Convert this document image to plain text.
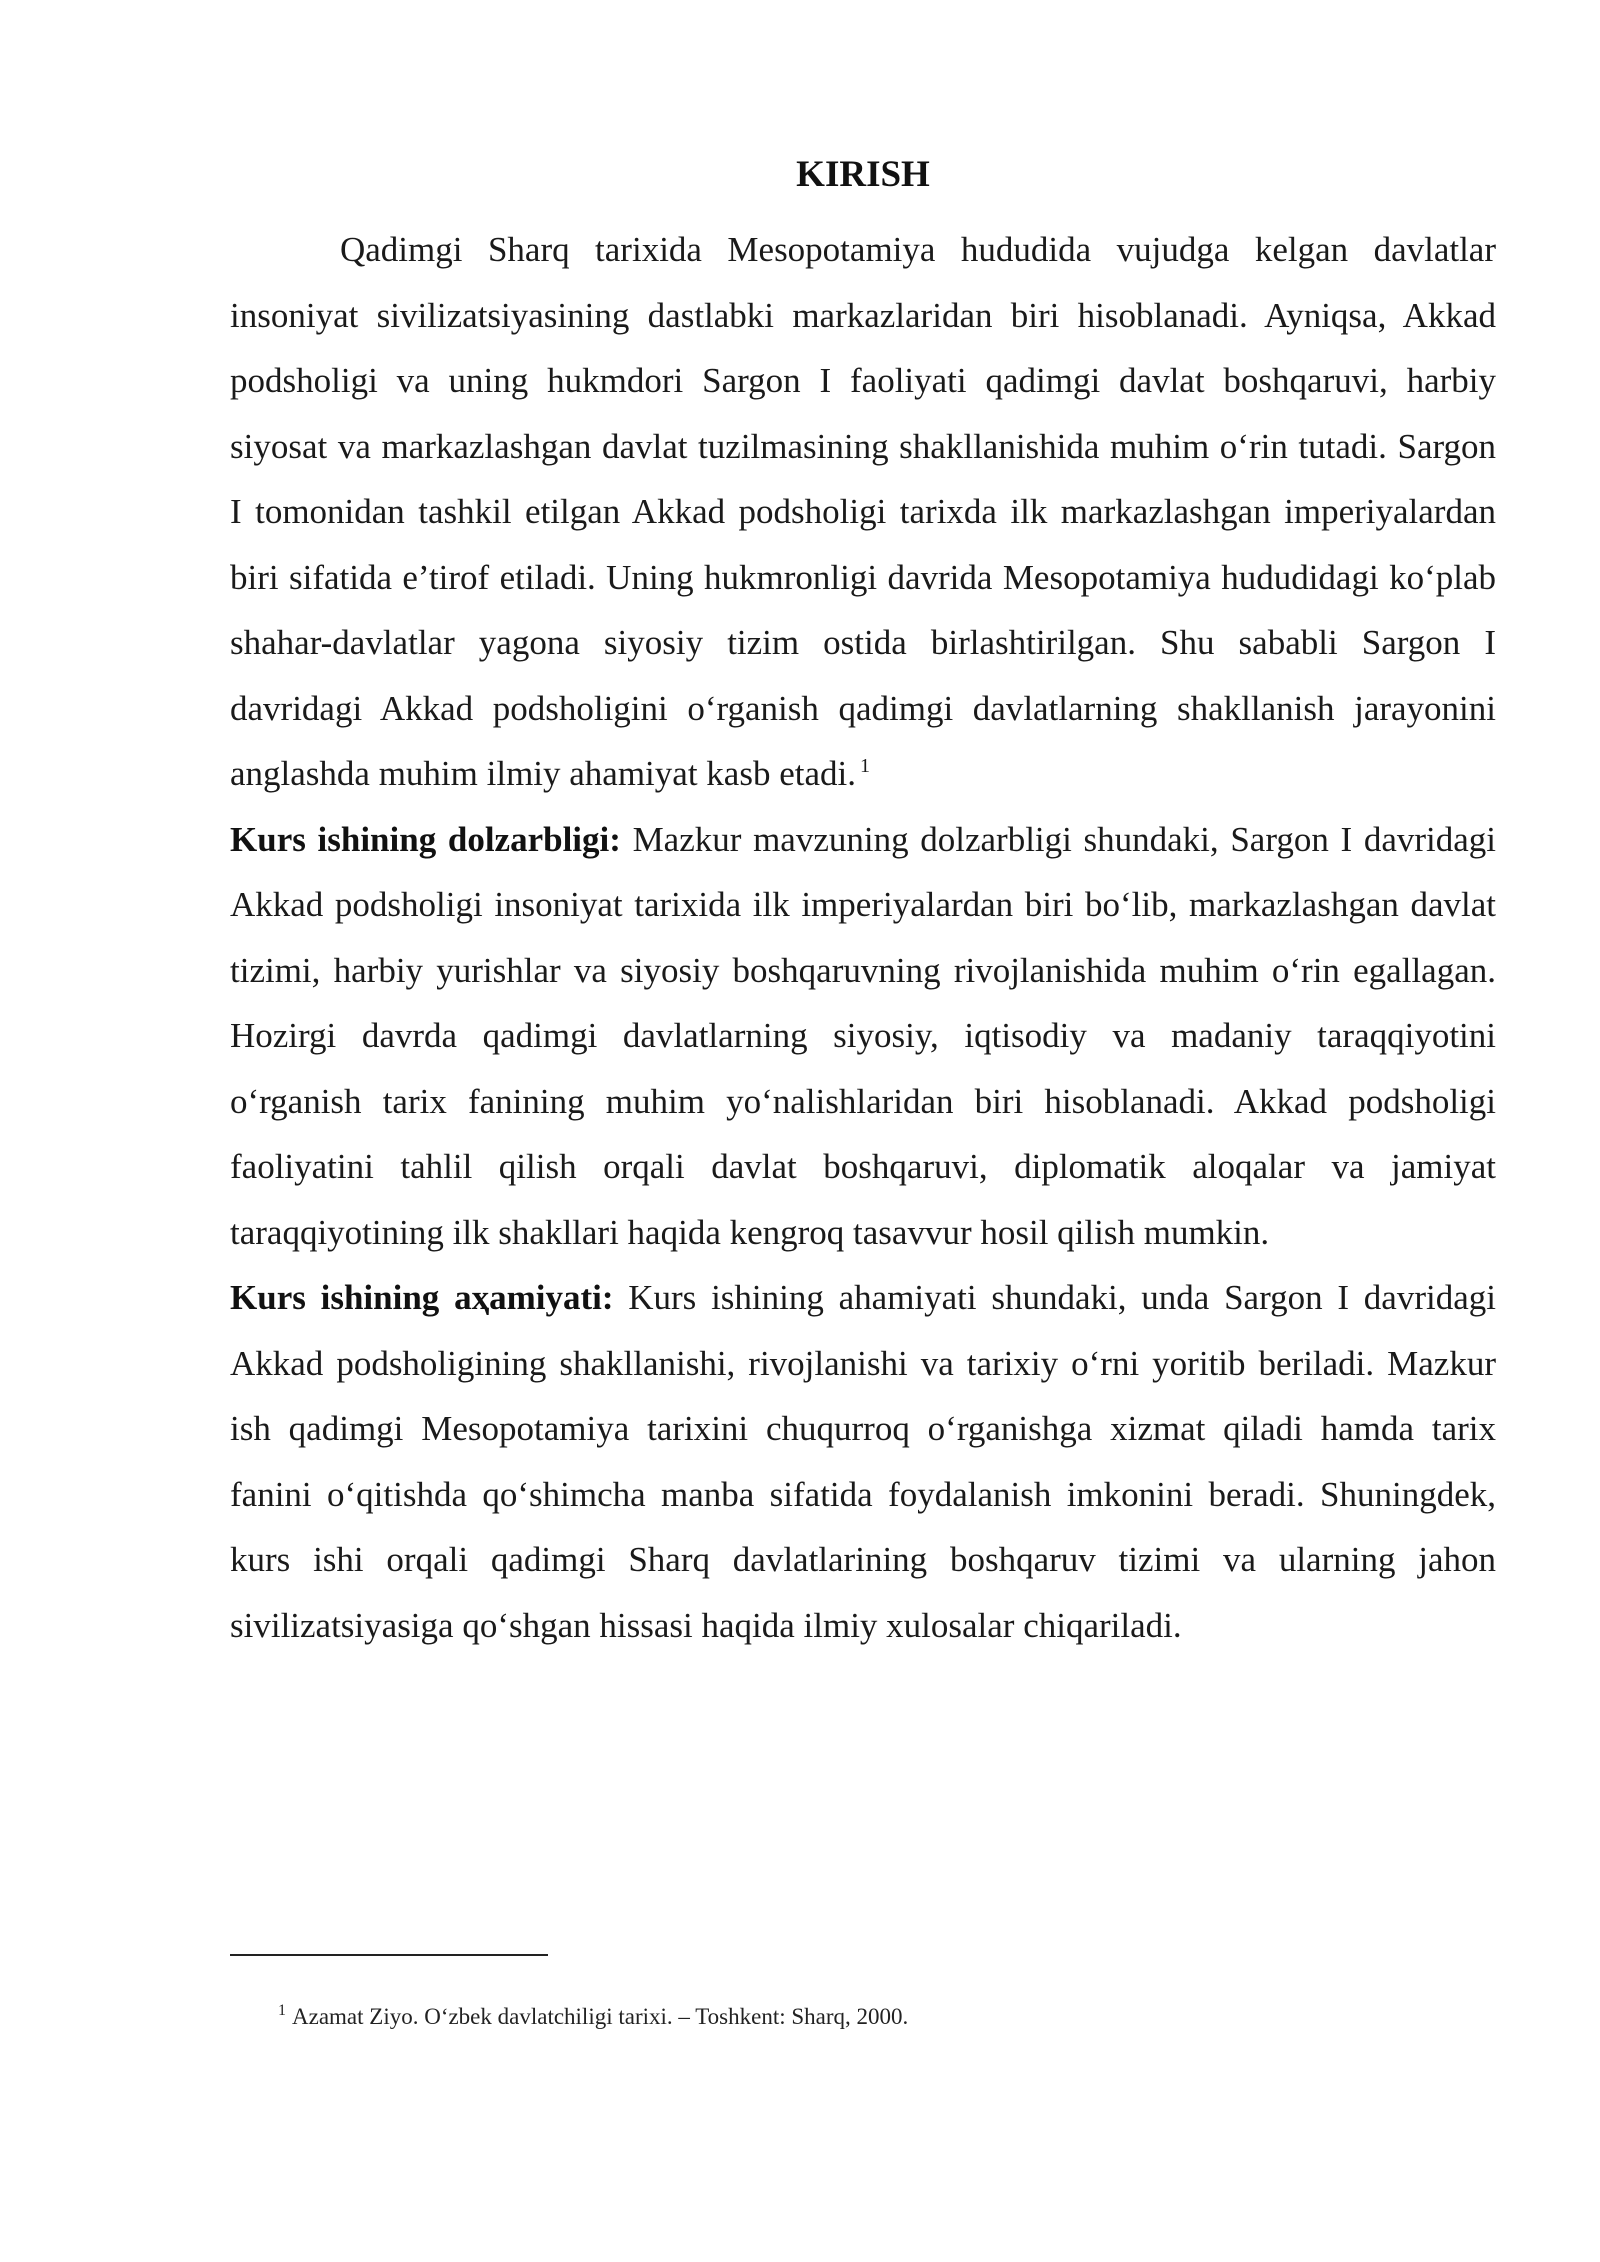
KIRISH

Qadimgi Sharq tarixida Mesopotamiya hududida vujudga kelgan davlatlar insoniyat sivilizatsiyasining dastlabki markazlaridan biri hisoblanadi. Ayniqsa, Akkad podsholigi va uning hukmdori Sargon I faoliyati qadimgi davlat boshqaruvi, harbiy siyosat va markazlashgan davlat tuzilmasining shakllanishida muhim o‘rin tutadi. Sargon I tomonidan tashkil etilgan Akkad podsholigi tarixda ilk markazlashgan imperiyalardan biri sifatida e’tirof etiladi. Uning hukmronligi davrida Mesopotamiya hududidagi ko‘plab shahar-davlatlar yagona siyosiy tizim ostida birlashtirilgan. Shu sababli Sargon I davridagi Akkad podsholigini o‘rganish qadimgi davlatlarning shakllanish jarayonini anglashda muhim ilmiy ahamiyat kasb etadi. $^1$

Kurs ishining dolzarbligi: Mazkur mavzuning dolzarbligi shundaki, Sargon I davridagi Akkad podsholigi insoniyat tarixida ilk imperiyalardan biri bo‘lib, markazlashgan davlat tizimi, harbiy yurishlar va siyosiy boshqaruvning rivojlanishida muhim o‘rin egallagan. Hozirgi davrda qadimgi davlatlarning siyosiy, iqtisodiy va madaniy taraqqiyotini o‘rganish tarix fanining muhim yo‘nalishlaridan biri hisoblanadi. Akkad podsholigi faoliyatini tahlil qilish orqali davlat boshqaruvi, diplomatik aloqalar va jamiyat taraqqiyotining ilk shakllari haqida kengroq tasavvur hosil qilish mumkin.

Kurs ishining aҳamiyati: Kurs ishining ahamiyati shundaki, unda Sargon I davridagi Akkad podsholigining shakllanishi, rivojlanishi va tarixiy o‘rni yoritib beriladi. Mazkur ish qadimgi Mesopotamiya tarixini chuqurroq o‘rganishga xizmat qiladi hamda tarix fanini o‘qitishda qo‘shimcha manba sifatida foydalanish imkonini beradi. Shuningdek, kurs ishi orqali qadimgi Sharq davlatlarining boshqaruv tizimi va ularning jahon sivilizatsiyasiga qo‘shgan hissasi haqida ilmiy xulosalar chiqariladi.

$^1$ Azamat Ziyo. O‘zbek davlatchiligi tarixi. – Toshkent: Sharq, 2000.
